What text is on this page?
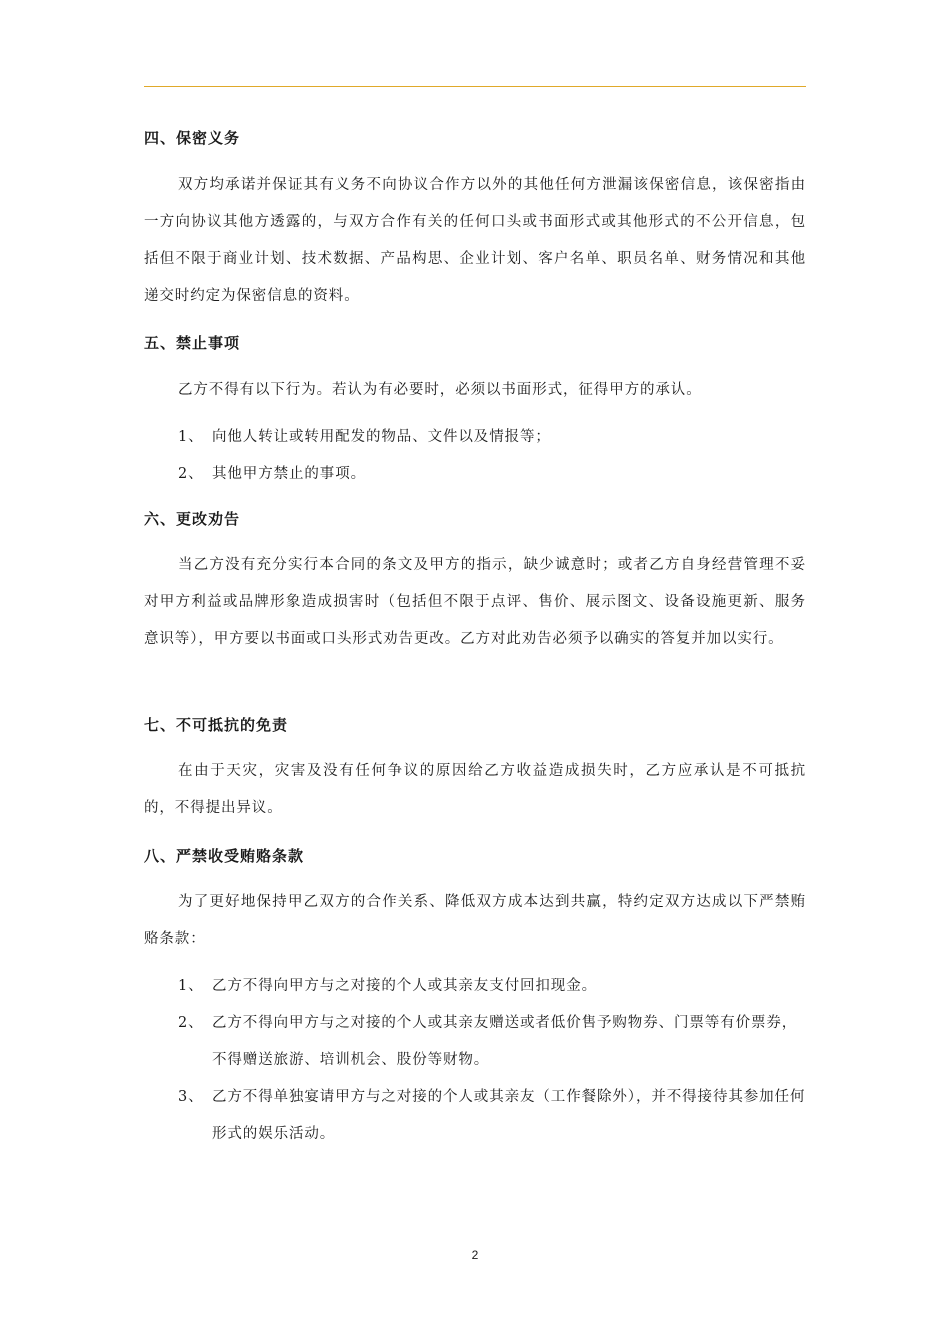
四、保密义务

双方均承诺并保证其有义务不向协议合作方以外的其他任何方泄漏该保密信息，该保密指由一方向协议其他方透露的，与双方合作有关的任何口头或书面形式或其他形式的不公开信息，包括但不限于商业计划、技术数据、产品构思、企业计划、客户名单、职员名单、财务情况和其他递交时约定为保密信息的资料。

五、禁止事项

乙方不得有以下行为。若认为有必要时，必须以书面形式，征得甲方的承认。

1、 向他人转让或转用配发的物品、文件以及情报等；
2、 其他甲方禁止的事项。
六、更改劝告

当乙方没有充分实行本合同的条文及甲方的指示，缺少诚意时；或者乙方自身经营管理不妥对甲方利益或品牌形象造成损害时（包括但不限于点评、售价、展示图文、设备设施更新、服务意识等），甲方要以书面或口头形式劝告更改。乙方对此劝告必须予以确实的答复并加以实行。

七、不可抵抗的免责

在由于天灾，灾害及没有任何争议的原因给乙方收益造成损失时，乙方应承认是不可抵抗的，不得提出异议。

八、严禁收受贿赂条款

为了更好地保持甲乙双方的合作关系、降低双方成本达到共赢，特约定双方达成以下严禁贿赂条款：

1、 乙方不得向甲方与之对接的个人或其亲友支付回扣现金。
2、 乙方不得向甲方与之对接的个人或其亲友赠送或者低价售予购物券、门票等有价票券，不得赠送旅游、培训机会、股份等财物。
3、 乙方不得单独宴请甲方与之对接的个人或其亲友（工作餐除外），并不得接待其参加任何形式的娱乐活动。
2
